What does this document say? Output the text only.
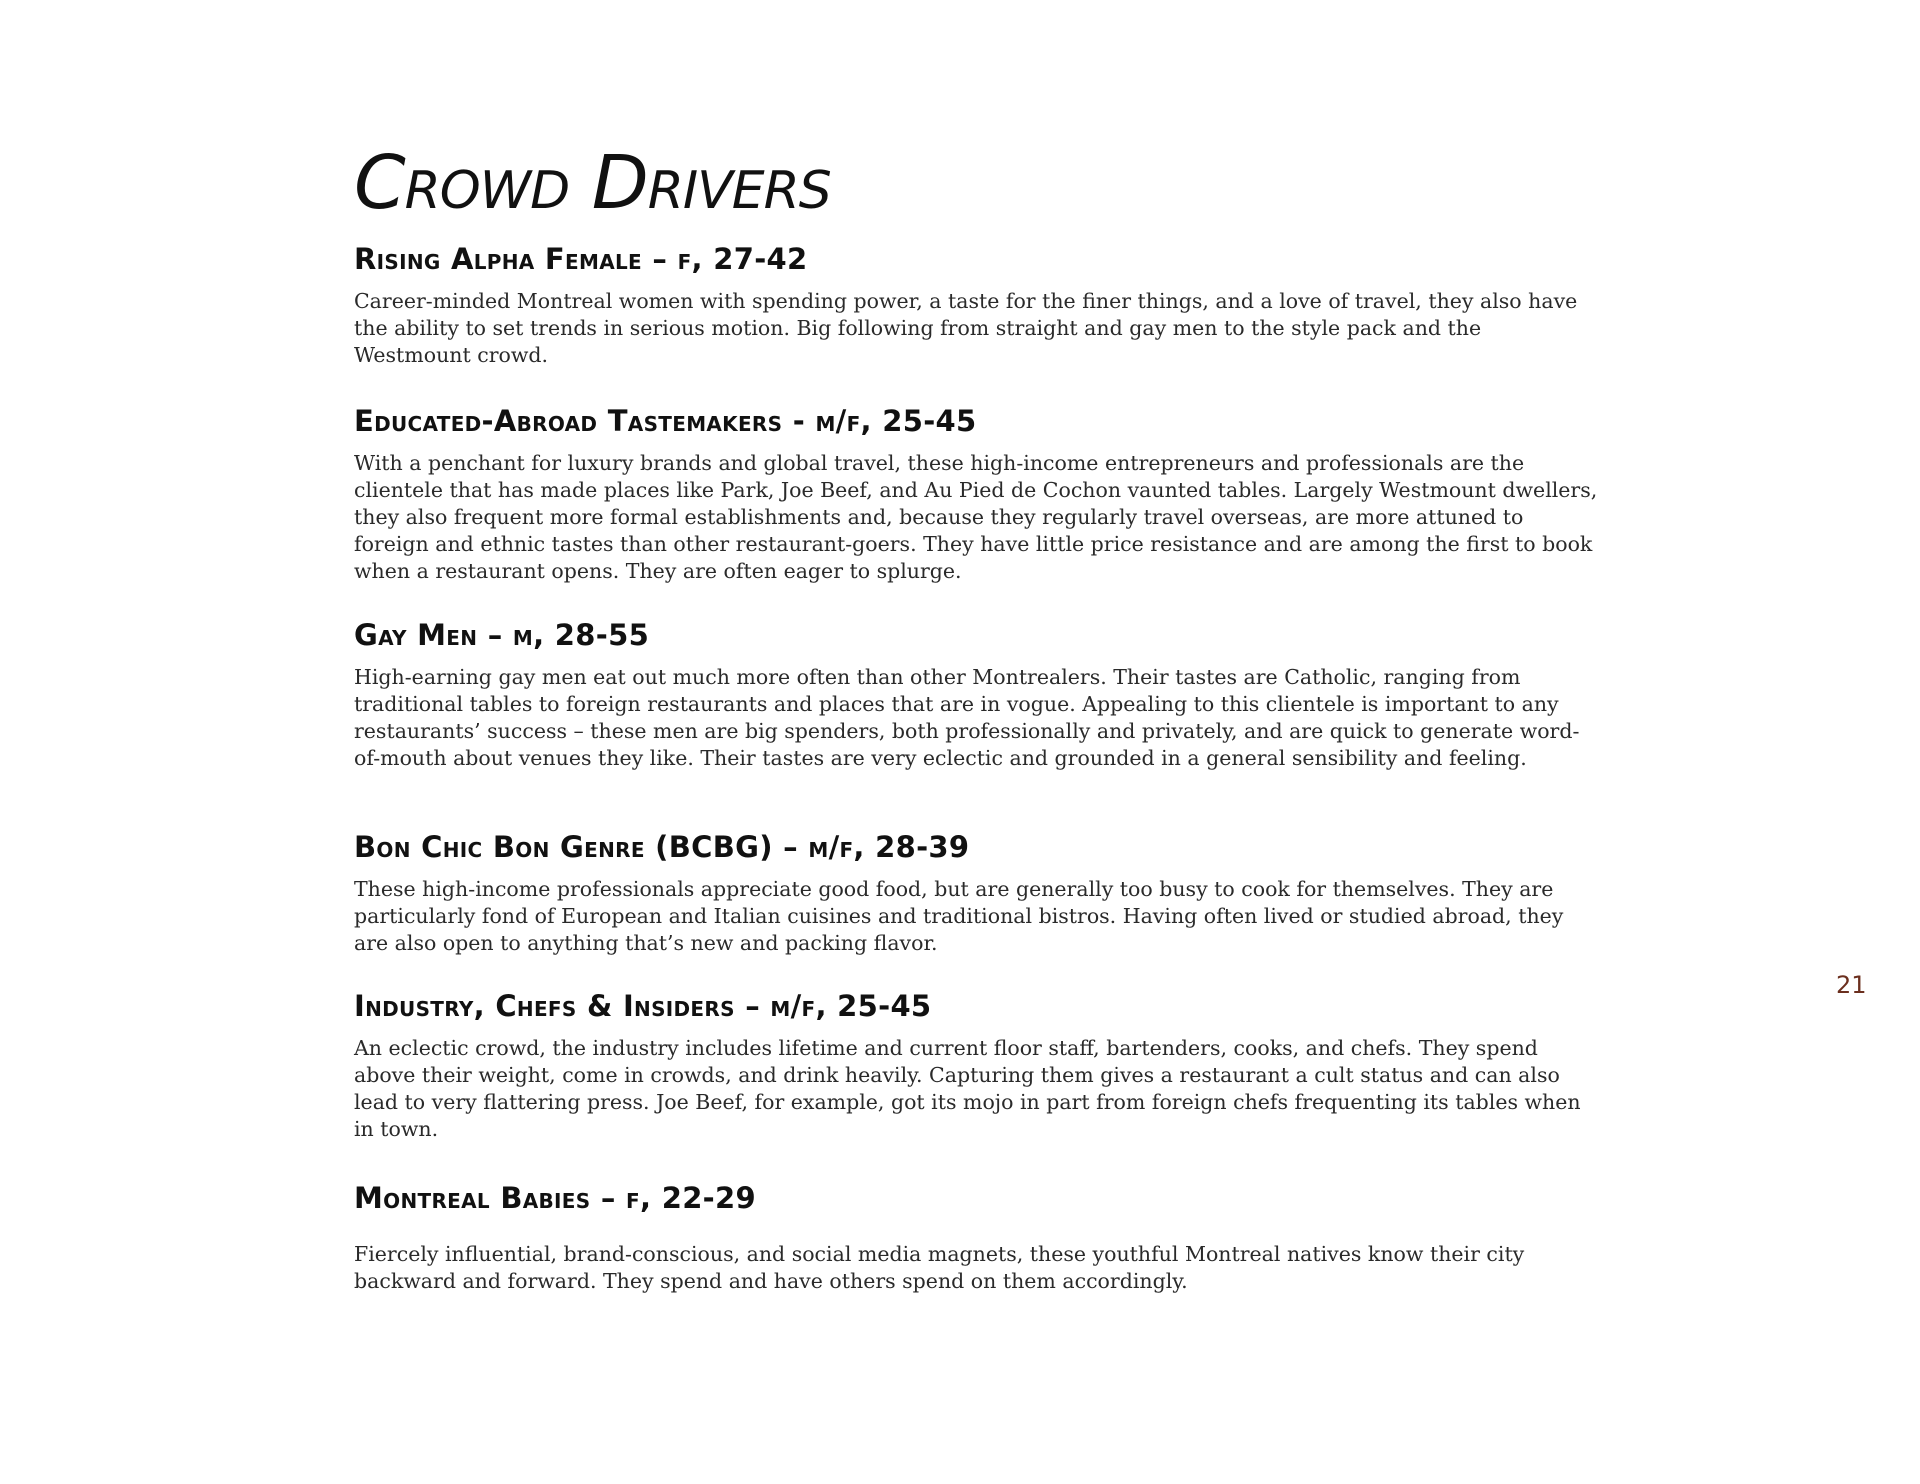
Crowd Drivers
Rising Alpha Female – f, 27-42

Career-minded Montreal women with spending power, a taste for the finer things, and a love of travel, they also have the ability to set trends in serious motion. Big following from straight and gay men to the style pack and the Westmount crowd.

Educated-Abroad Tastemakers - m/f, 25-45

With a penchant for luxury brands and global travel, these high-income entrepreneurs and professionals are the clientele that has made places like Park, Joe Beef, and Au Pied de Cochon vaunted tables. Largely Westmount dwellers, they also frequent more formal establishments and, because they regularly travel overseas, are more attuned to foreign and ethnic tastes than other restaurant-goers. They have little price resistance and are among the first to book when a restaurant opens. They are often eager to splurge.

Gay Men – m, 28-55

High-earning gay men eat out much more often than other Montrealers. Their tastes are Catholic, ranging from traditional tables to foreign restaurants and places that are in vogue. Appealing to this clientele is important to any restaurants’ success – these men are big spenders, both professionally and privately, and are quick to generate word-of-mouth about venues they like. Their tastes are very eclectic and grounded in a general sensibility and feeling.

Bon Chic Bon Genre (BCBG) – m/f, 28-39

These high-income professionals appreciate good food, but are generally too busy to cook for themselves. They are particularly fond of European and Italian cuisines and traditional bistros. Having often lived or studied abroad, they are also open to anything that’s new and packing flavor.

Industry, Chefs & Insiders – m/f, 25-45

An eclectic crowd, the industry includes lifetime and current floor staff, bartenders, cooks, and chefs. They spend above their weight, come in crowds, and drink heavily. Capturing them gives a restaurant a cult status and can also lead to very flattering press. Joe Beef, for example, got its mojo in part from foreign chefs frequenting its tables when in town.

Montreal Babies – f, 22-29

Fiercely influential, brand-conscious, and social media magnets, these youthful Montreal natives know their city backward and forward. They spend and have others spend on them accordingly.

21
